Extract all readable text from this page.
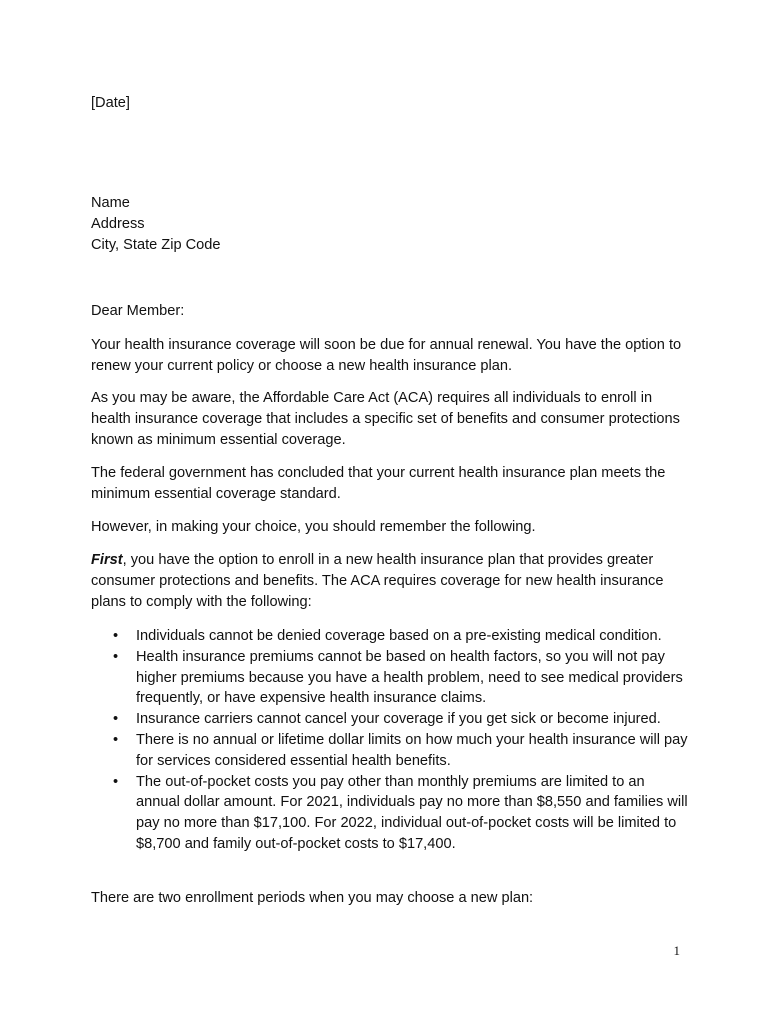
[Date]

Name
Address
City, State Zip Code

Dear Member:

Your health insurance coverage will soon be due for annual renewal. You have the option to renew your current policy or choose a new health insurance plan.

As you may be aware, the Affordable Care Act (ACA) requires all individuals to enroll in health insurance coverage that includes a specific set of benefits and consumer protections known as minimum essential coverage.

The federal government has concluded that your current health insurance plan meets the minimum essential coverage standard.

However, in making your choice, you should remember the following.

First, you have the option to enroll in a new health insurance plan that provides greater consumer protections and benefits. The ACA requires coverage for new health insurance plans to comply with the following:

• Individuals cannot be denied coverage based on a pre-existing medical condition.
• Health insurance premiums cannot be based on health factors, so you will not pay higher premiums because you have a health problem, need to see medical providers frequently, or have expensive health insurance claims.
• Insurance carriers cannot cancel your coverage if you get sick or become injured.
• There is no annual or lifetime dollar limits on how much your health insurance will pay for services considered essential health benefits.
• The out-of-pocket costs you pay other than monthly premiums are limited to an annual dollar amount. For 2021, individuals pay no more than $8,550 and families will pay no more than $17,100. For 2022, individual out-of-pocket costs will be limited to $8,700 and family out-of-pocket costs to $17,400.

There are two enrollment periods when you may choose a new plan:

1
